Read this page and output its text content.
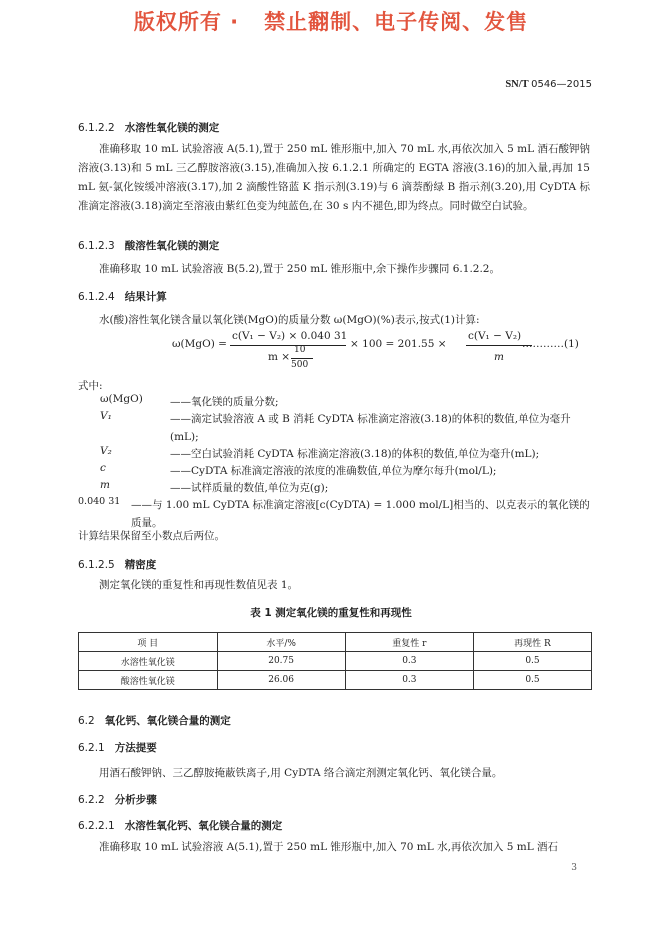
版权所有 ·   禁止翻制、电子传阅、发售
SN/T 0546—2015
6.1.2.2 水溶性氧化镁的测定
准确移取 10 mL 试验溶液 A(5.1),置于 250 mL 锥形瓶中,加入 70 mL 水,再依次加入 5 mL 酒石酸钾钠溶液(3.13)和 5 mL 三乙醇胺溶液(3.15),准确加入按 6.1.2.1 所确定的 EGTA 溶液(3.16)的加入量,再加 15 mL 氨-氯化铵缓冲溶液(3.17),加 2 滴酸性铬蓝 K 指示剂(3.19)与 6 滴萘酚绿 B 指示剂(3.20),用 CyDTA 标准滴定溶液(3.18)滴定至溶液由紫红色变为纯蓝色,在 30 s 内不褪色,即为终点。同时做空白试验。
6.1.2.3 酸溶性氧化镁的测定
准确移取 10 mL 试验溶液 B(5.2),置于 250 mL 锥形瓶中,余下操作步骤同 6.1.2.2。
6.1.2.4 结果计算
水(酸)溶性氧化镁含量以氧化镁(MgO)的质量分数 ω(MgO)(%)表示,按式(1)计算:
ω(MgO) =
c(V₁ − V₂) × 0.040 31
m ×
10
500
× 100 = 201.55 ×
c(V₁ − V₂)
m
…………(1)
式中:
ω(MgO)	——氧化镁的质量分数;
V₁	——滴定试验溶液 A 或 B 消耗 CyDTA 标准滴定溶液(3.18)的体积的数值,单位为毫升(mL);
V₂	——空白试验消耗 CyDTA 标准滴定溶液(3.18)的体积的数值,单位为毫升(mL);
c	——CyDTA 标准滴定溶液的浓度的准确数值,单位为摩尔每升(mol/L);
m	——试样质量的数值,单位为克(g);
0.040 31 ——与 1.00 mL CyDTA 标准滴定溶液[c(CyDTA) = 1.000 mol/L]相当的、以克表示的氧化镁的质量。
计算结果保留至小数点后两位。
6.1.2.5 精密度
测定氧化镁的重复性和再现性数值见表 1。
表 1 测定氧化镁的重复性和再现性
项 目	水平/%	重复性 r	再现性 R
水溶性氧化镁	20.75	0.3	0.5
酸溶性氧化镁	26.06	0.3	0.5
6.2 氧化钙、氧化镁合量的测定
6.2.1 方法提要
用酒石酸钾钠、三乙醇胺掩蔽铁离子,用 CyDTA 络合滴定剂测定氧化钙、氧化镁合量。
6.2.2 分析步骤
6.2.2.1 水溶性氧化钙、氧化镁合量的测定
准确移取 10 mL 试验溶液 A(5.1),置于 250 mL 锥形瓶中,加入 70 mL 水,再依次加入 5 mL 酒石
3
